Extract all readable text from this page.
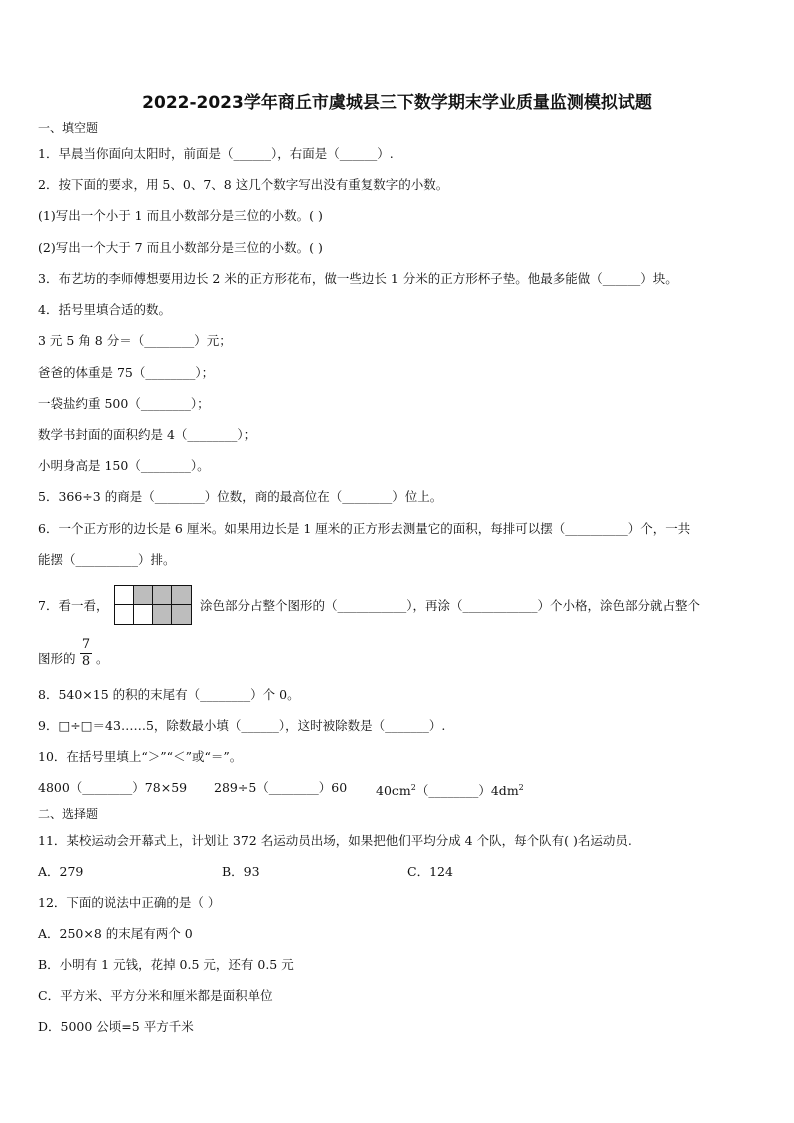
2022-2023学年商丘市虞城县三下数学期末学业质量监测模拟试题
一、填空题
1．早晨当你面向太阳时，前面是（______），右面是（______）.
2．按下面的要求，用 5、0、7、8 这几个数字写出没有重复数字的小数。
(1)写出一个小于 1 而且小数部分是三位的小数。( )
(2)写出一个大于 7 而且小数部分是三位的小数。( )
3．布艺坊的李师傅想要用边长 2 米的正方形花布，做一些边长 1 分米的正方形杯子垫。他最多能做（______）块。
4．括号里填合适的数。
3 元 5 角 8 分＝（________）元；
爸爸的体重是 75（________）；
一袋盐约重 500（________）；
数学书封面的面积约是 4（________）；
小明身高是 150（________）。
5．366÷3 的商是（________）位数，商的最高位在（________）位上。
6．一个正方形的边长是 6 厘米。如果用边长是 1 厘米的正方形去测量它的面积，每排可以摆（__________）个，一共
能摆（__________）排。
7．看一看，	涂色部分占整个图形的（___________），再涂（____________）个小格，涂色部分就占整个
图形的
7
8 。
8．540×15 的积的末尾有（________）个 0。
9．□÷□＝43……5，除数最小填（______），这时被除数是（_______）.
10．在括号里填上“＞”“＜”或“＝”。
4800（________）78×59 289÷5（________）60 $40cm^2(\_\_\_\_\_\_\_\_)4dm^2$
二、选择题
11．某校运动会开幕式上，计划让 372 名运动员出场，如果把他们平均分成 4 个队，每个队有( )名运动员.
A．279	B．93	C．124
12．下面的说法中正确的是（ ）
A．250×8 的末尾有两个 0
B．小明有 1 元钱，花掉 0.5 元，还有 0.5 元
C．平方米、平方分米和厘米都是面积单位
D．5000 公顷=5 平方千米
